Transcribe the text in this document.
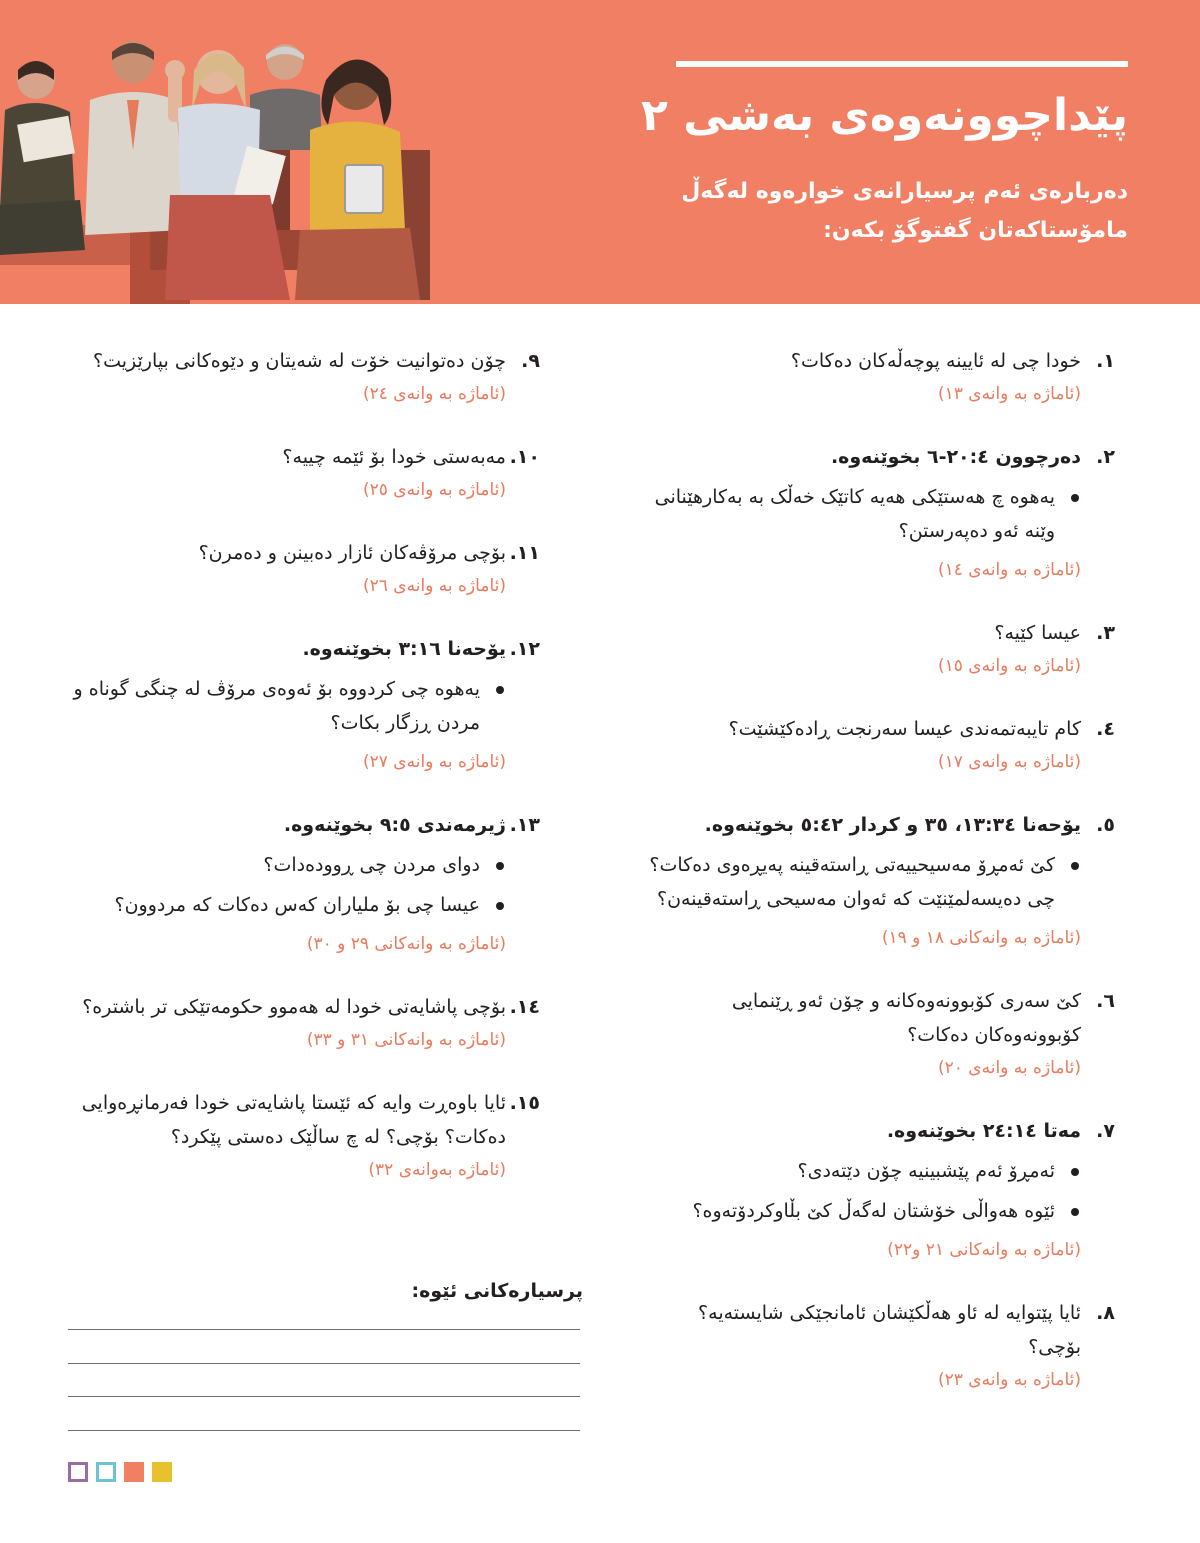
پێداچوونەوەی بەشی ٢
دەربارەی ئەم پرسیارانەی خوارەوە لەگەڵ مامۆستاکەتان گفتوگۆ بکەن:
١.
خودا چی لە ئایینە پوچەڵەکان دەکات؟
(ئاماژە بە وانەی ١٣)
٢.
دەرچوون ٢٠:٤-٦ بخوێنەوە.
یەهوە چ هەستێکی هەیە کاتێک خەڵک بە بەکارهێنانی وێنە ئەو دەپەرستن؟
(ئاماژە بە وانەی ١٤)
٣.
عیسا کێیە؟
(ئاماژە بە وانەی ١٥)
٤.
کام تایبەتمەندی عیسا سەرنجت ڕادەکێشێت؟
(ئاماژە بە وانەی ١٧)
٥.
یۆحەنا ١٣:٣٤، ٣٥ و کردار ٥:٤٢ بخوێنەوە.
کێ ئەمڕۆ مەسیحییەتی ڕاستەقینە پەیڕەوی دەکات؟ چی دەیسەلمێنێت کە ئەوان مەسیحی ڕاستەقینەن؟
(ئاماژە بە وانەکانی ١٨ و ١٩)
٦.
کێ سەری کۆبوونەوەکانە و چۆن ئەو ڕێنمایی کۆبوونەوەکان دەکات؟
(ئاماژە بە وانەی ٢٠)
٧.
مەتا ٢٤:١٤ بخوێنەوە.
ئەمڕۆ ئەم پێشبینیە چۆن دێتەدی؟
ئێوە هەواڵی خۆشتان لەگەڵ کێ بڵاوکردۆتەوە؟
(ئاماژە بە وانەکانی ٢١ و٢٢)
٨.
ئایا پێتوایە لە ئاو هەڵکێشان ئامانجێکی شایستەیە؟ بۆچی؟
(ئاماژە بە وانەی ٢٣)
٩.
چۆن دەتوانیت خۆت لە شەیتان و دێوەکانی بپارێزیت؟
(ئاماژە بە وانەی ٢٤)
١٠.
مەبەستی خودا بۆ ئێمە چییە؟
(ئاماژە بە وانەی ٢٥)
١١.
بۆچی مرۆڤەکان ئازار دەبینن و دەمرن؟
(ئاماژە بە وانەی ٢٦)
١٢.
یۆحەنا ٣:١٦ بخوێنەوە.
یەهوە چی کردووە بۆ ئەوەی مرۆڤ لە چنگی گوناە و مردن ڕزگار بکات؟
(ئاماژە بە وانەی ٢٧)
١٣.
ژیرمەندی ٩:٥ بخوێنەوە.
دوای مردن چی ڕوودەدات؟
عیسا چی بۆ ملیاران کەس دەکات کە مردوون؟
(ئاماژە بە وانەکانی ٢٩ و ٣٠)
١٤.
بۆچی پاشایەتی خودا لە هەموو حکومەتێکی تر باشترە؟
(ئاماژە بە وانەکانی ٣١ و ٣٣)
١٥.
ئایا باوەڕت وایە کە ئێستا پاشایەتی خودا فەرمانڕەوایی دەکات؟ بۆچی؟ لە چ ساڵێک دەستی پێکرد؟
(ئاماژە بەوانەی ٣٢)
پرسیارەکانی ئێوە:
